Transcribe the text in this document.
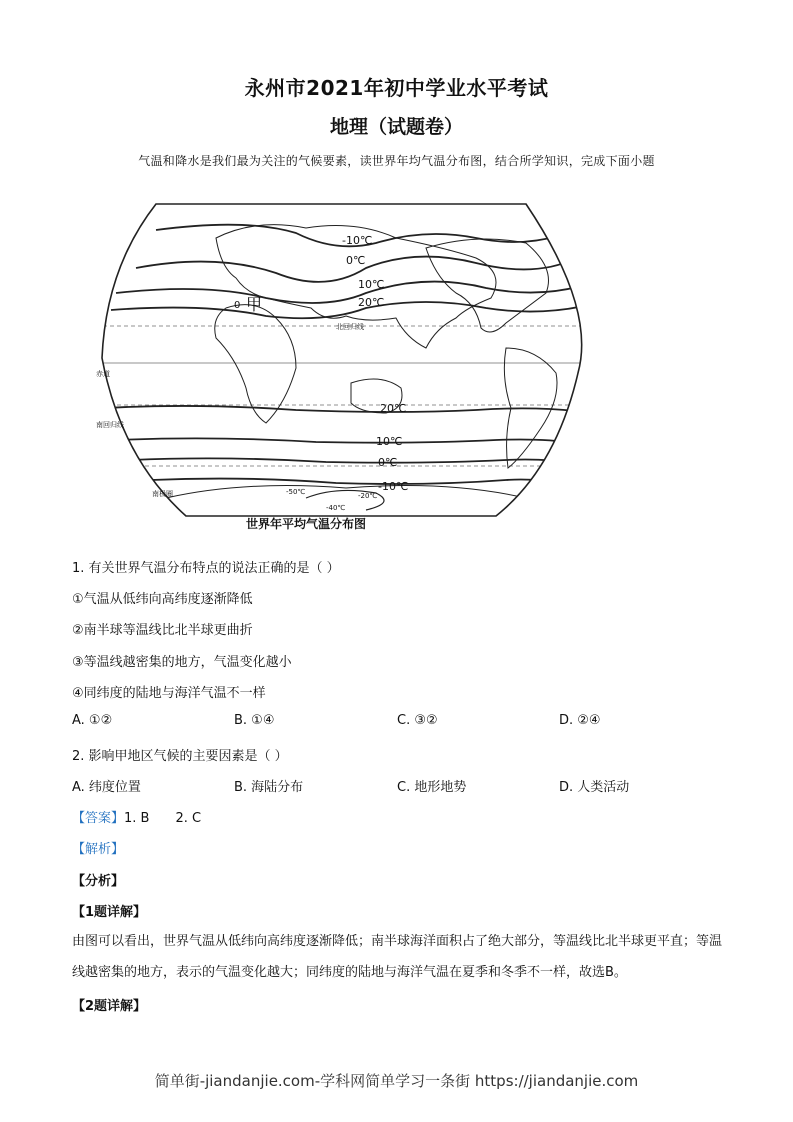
永州市2021年初中学业水平考试
地理（试题卷）
气温和降水是我们最为关注的气候要素，读世界年均气温分布图，结合所学知识，完成下面小题
-10℃
0℃
10℃
20℃
0 甲
北回归线
赤道
南回归线
20℃
10℃
0℃
-10℃
南极圈	-50℃	-20℃
-40℃
世界年平均气温分布图
1. 有关世界气温分布特点的说法正确的是（ ）
①气温从低纬向高纬度逐渐降低
②南半球等温线比北半球更曲折
③等温线越密集的地方，气温变化越小
④同纬度的陆地与海洋气温不一样
A. ①②	B. ①④	C. ③②	D. ②④
2. 影响甲地区气候的主要因素是（ ）
A. 纬度位置	B. 海陆分布	C. 地形地势	D. 人类活动
【答案】1. B 2. C
【解析】
【分析】
【1题详解】
由图可以看出，世界气温从低纬向高纬度逐渐降低；南半球海洋面积占了绝大部分，等温线比北半球更平直；等温线越密集的地方，表示的气温变化越大；同纬度的陆地与海洋气温在夏季和冬季不一样，故选B。
【2题详解】
简单街-jiandanjie.com-学科网简单学习一条街 https://jiandanjie.com
